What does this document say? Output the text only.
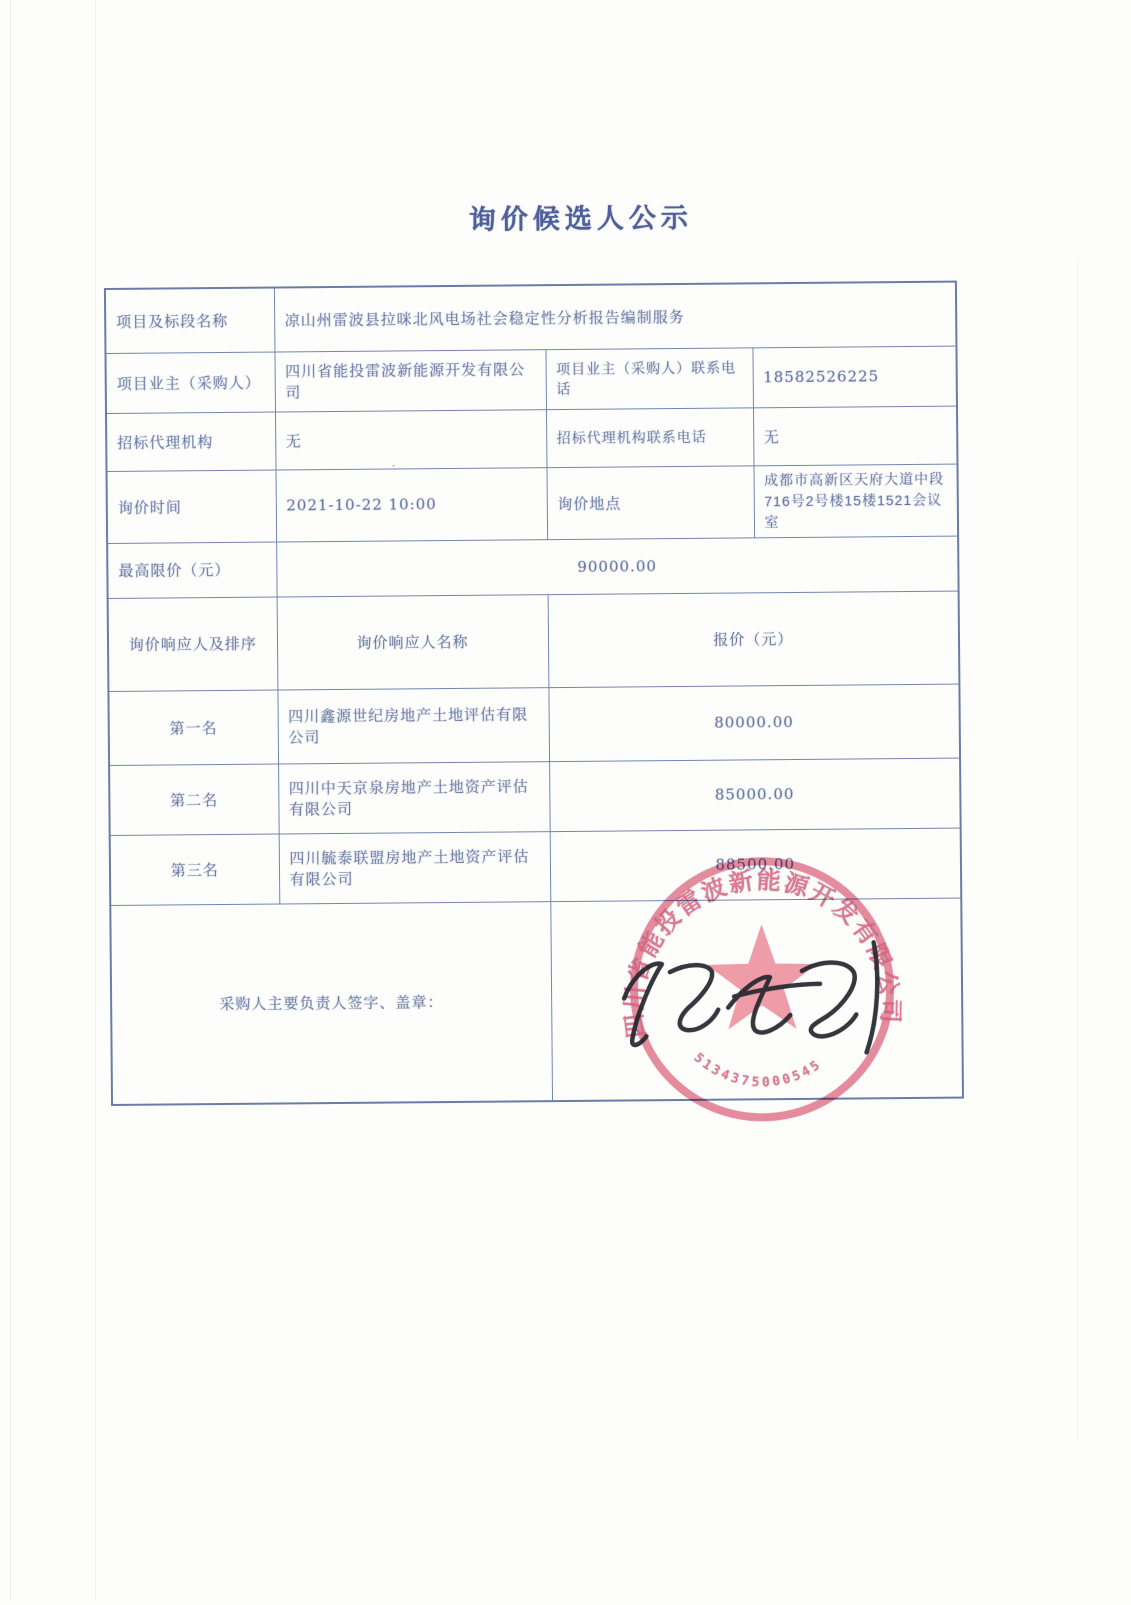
询价候选人公示
ˋ
项目及标段名称	凉山州雷波县拉咪北风电场社会稳定性分析报告编制服务		
项目业主（采购人）	四川省能投雷波新能源开发有限公司	项目业主（采购人）联系电话	18582526225
招标代理机构	无	招标代理机构联系电话	无
询价时间	2021-10-22 10:00	询价地点	成都市高新区天府大道中段716号2号楼15楼1521会议室
最高限价（元）	90000.00		
询价响应人及排序	询价响应人名称	报价（元）	
第一名	四川鑫源世纪房地产土地评估有限公司	80000.00	
第二名	四川中天京泉房地产土地资产评估有限公司	85000.00	
第三名	四川毓泰联盟房地产土地资产评估有限公司	88500.00	
采购人主要负责人签字、盖章：		四川省能投雷波新能源开发有限公司
5134375000545	
